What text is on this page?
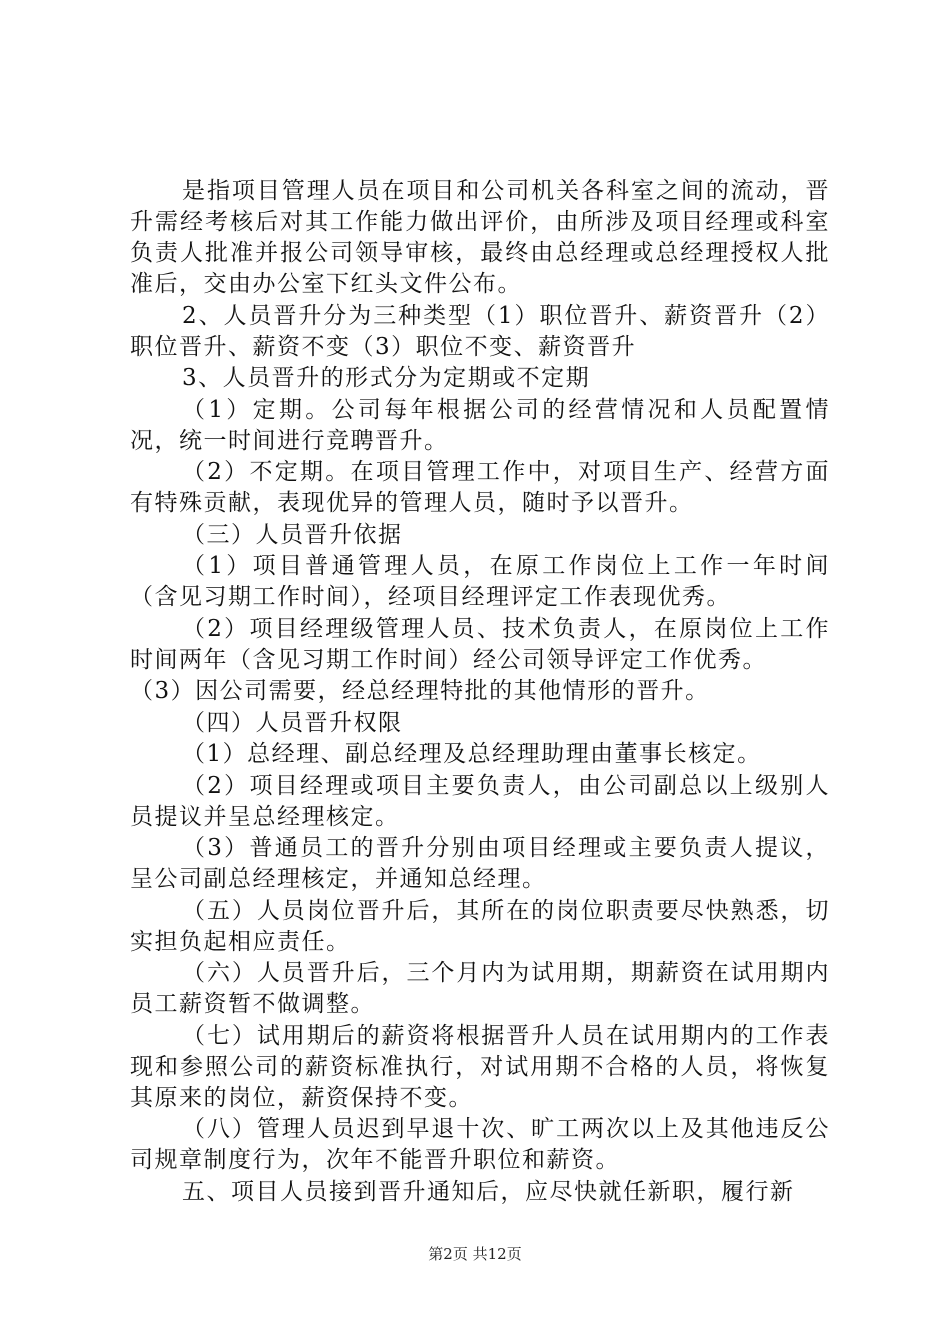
是指项目管理人员在项目和公司机关各科室之间的流动，晋升需经考核后对其工作能力做出评价，由所涉及项目经理或科室负责人批准并报公司领导审核，最终由总经理或总经理授权人批准后，交由办公室下红头文件公布。

2、人员晋升分为三种类型（1）职位晋升、薪资晋升（2）职位晋升、薪资不变（3）职位不变、薪资晋升

3、人员晋升的形式分为定期或不定期

（1）定期。公司每年根据公司的经营情况和人员配置情况，统一时间进行竞聘晋升。

（2）不定期。在项目管理工作中，对项目生产、经营方面有特殊贡献，表现优异的管理人员，随时予以晋升。

（三）人员晋升依据

（1）项目普通管理人员，在原工作岗位上工作一年时间（含见习期工作时间），经项目经理评定工作表现优秀。

（2）项目经理级管理人员、技术负责人，在原岗位上工作时间两年（含见习期工作时间）经公司领导评定工作优秀。

（3）因公司需要，经总经理特批的其他情形的晋升。

（四）人员晋升权限

（1）总经理、副总经理及总经理助理由董事长核定。

（2）项目经理或项目主要负责人，由公司副总以上级别人员提议并呈总经理核定。

（3）普通员工的晋升分别由项目经理或主要负责人提议，呈公司副总经理核定，并通知总经理。

（五）人员岗位晋升后，其所在的岗位职责要尽快熟悉，切实担负起相应责任。

（六）人员晋升后，三个月内为试用期，期薪资在试用期内员工薪资暂不做调整。

（七）试用期后的薪资将根据晋升人员在试用期内的工作表现和参照公司的薪资标准执行，对试用期不合格的人员，将恢复其原来的岗位，薪资保持不变。

（八）管理人员迟到早退十次、旷工两次以上及其他违反公司规章制度行为，次年不能晋升职位和薪资。

五、项目人员接到晋升通知后，应尽快就任新职，履行新

第2页 共12页
